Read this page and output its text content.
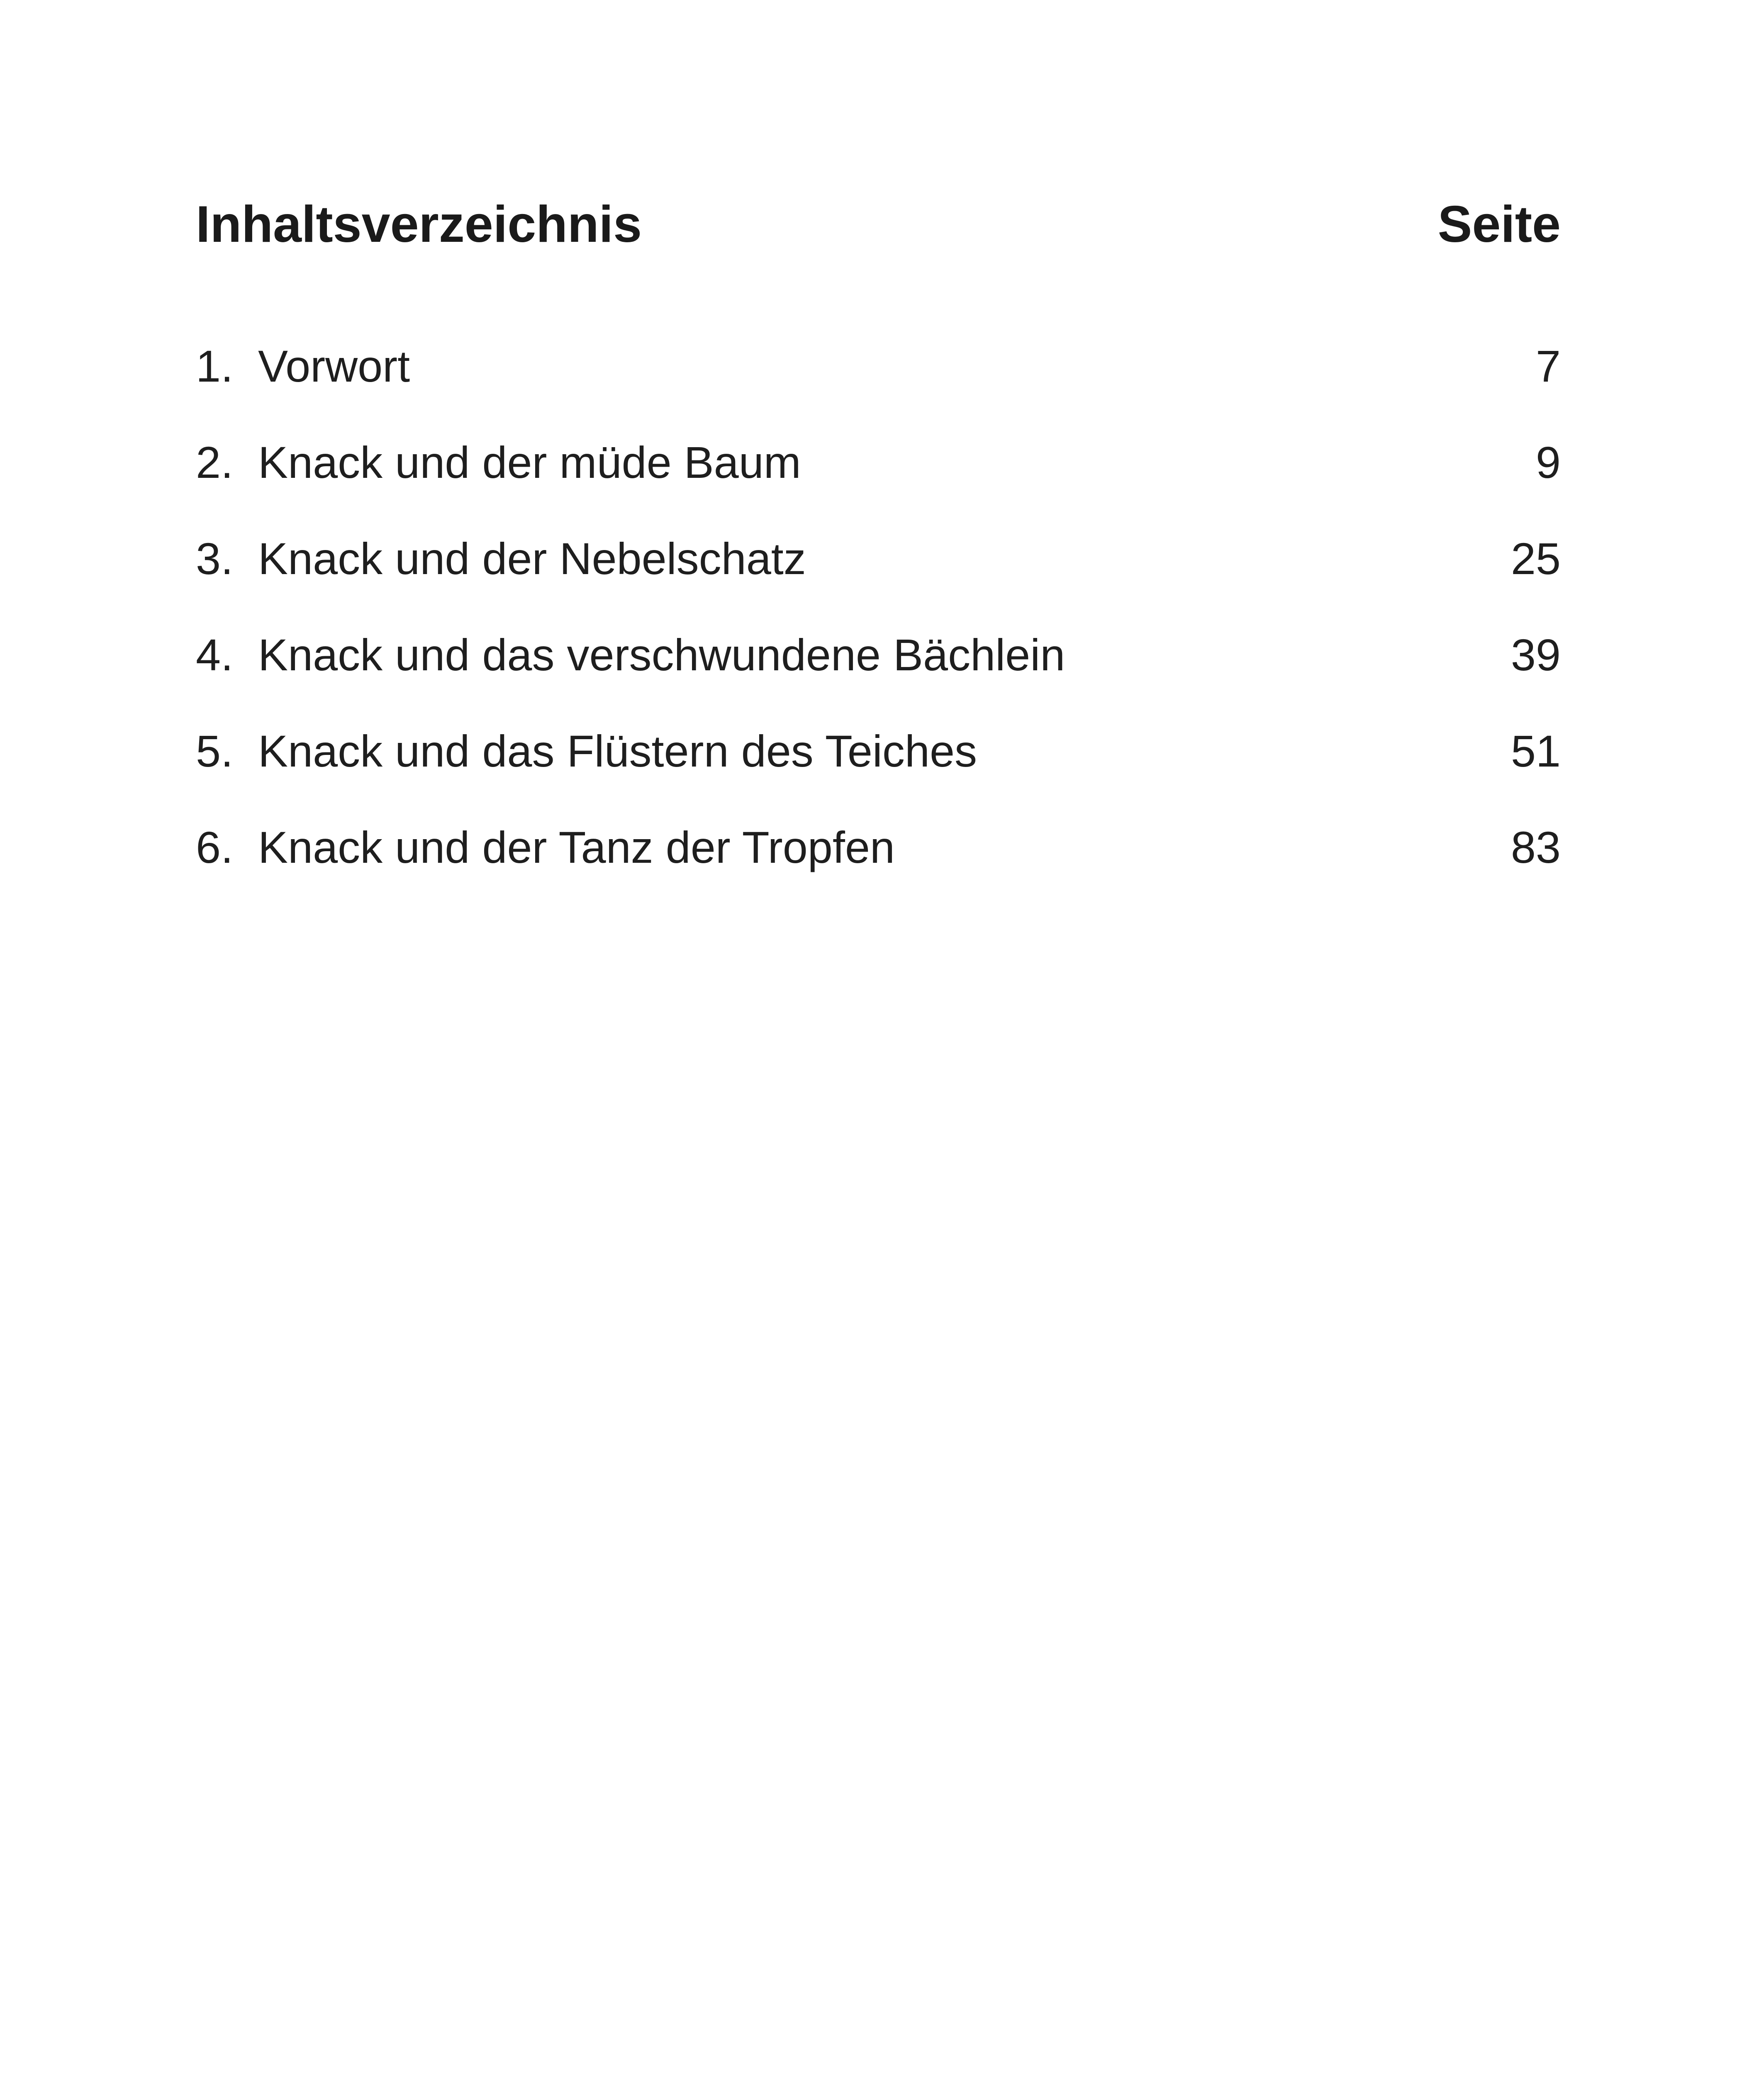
Inhaltsverzeichnis	Seite
1. Vorwort	7
2. Knack und der müde Baum	9
3. Knack und der Nebelschatz	25
4. Knack und das verschwundene Bächlein	39
5. Knack und das Flüstern des Teiches	51
6. Knack und der Tanz der Tropfen	83
